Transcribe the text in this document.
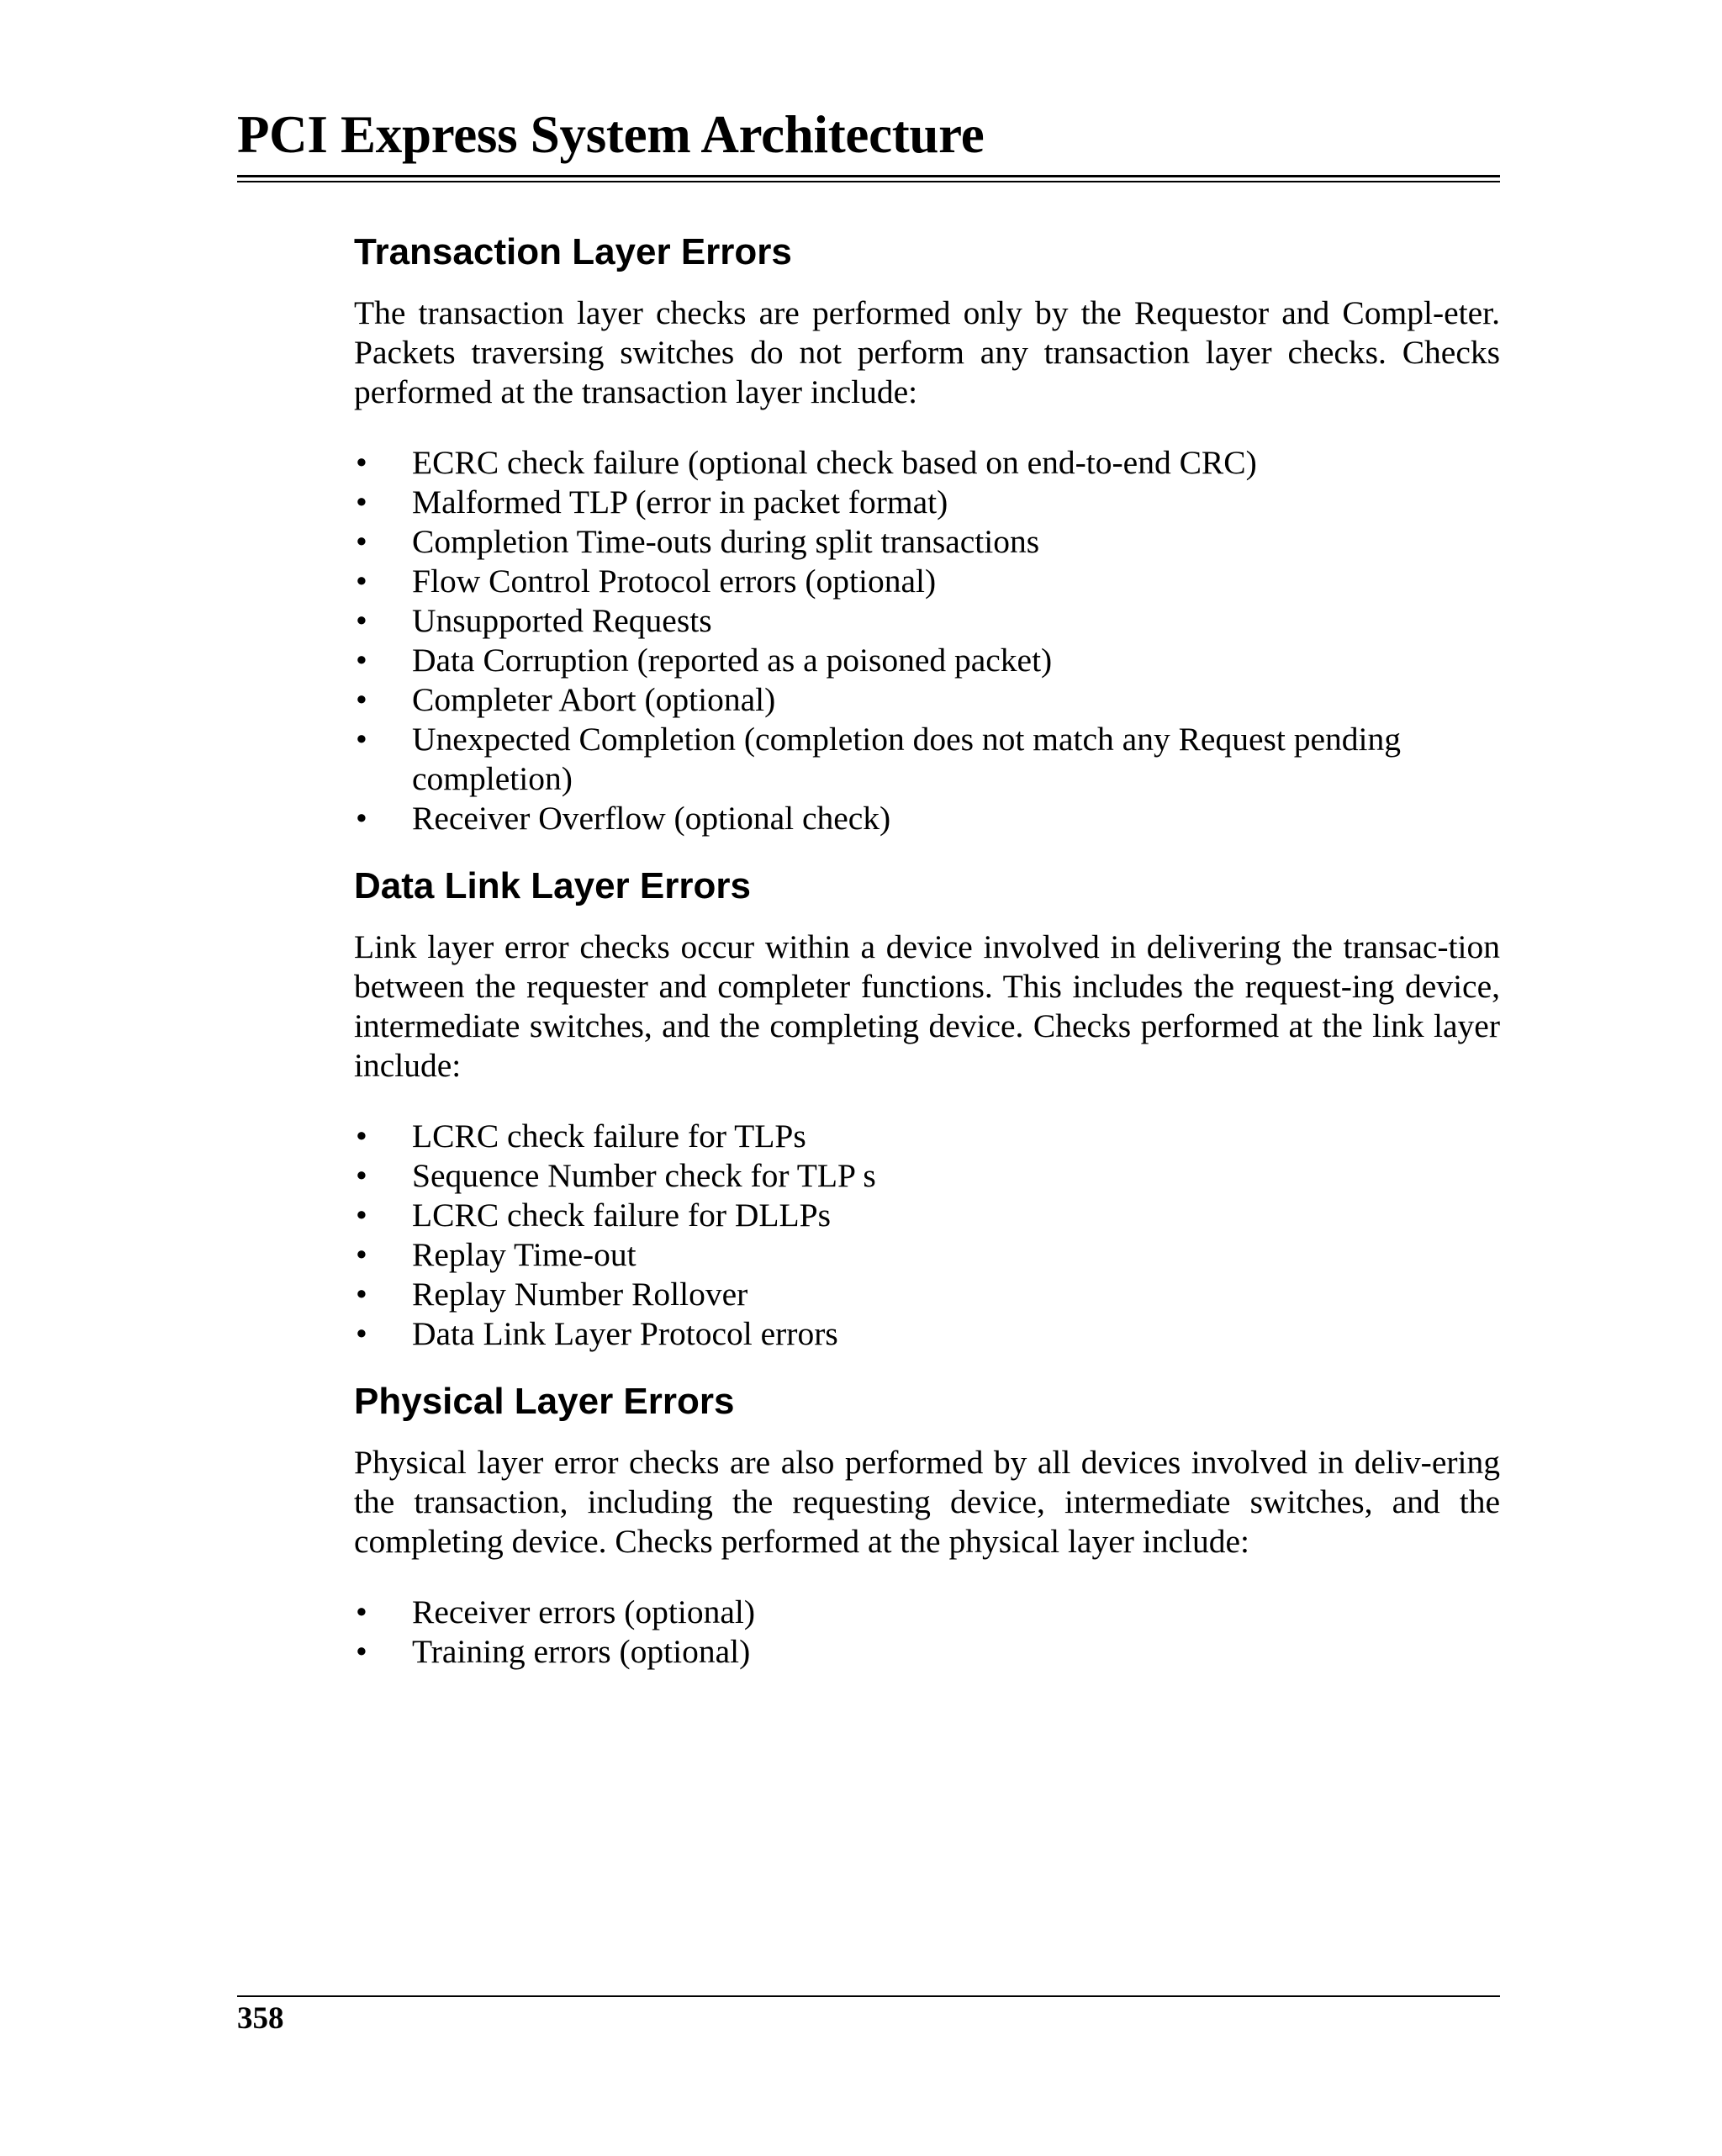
PCI Express System Architecture
Transaction Layer Errors

The transaction layer checks are performed only by the Requestor and Compl-eter. Packets traversing switches do not perform any transaction layer checks. Checks performed at the transaction layer include:

• ECRC check failure (optional check based on end-to-end CRC)
• Malformed TLP (error in packet format)
• Completion Time-outs during split transactions
• Flow Control Protocol errors (optional)
• Unsupported Requests
• Data Corruption (reported as a poisoned packet)
• Completer Abort (optional)
• Unexpected Completion (completion does not match any Request pending completion)
• Receiver Overflow (optional check)
Data Link Layer Errors

Link layer error checks occur within a device involved in delivering the transac-tion between the requester and completer functions. This includes the request-ing device, intermediate switches, and the completing device. Checks performed at the link layer include:

• LCRC check failure for TLPs
• Sequence Number check for TLP s
• LCRC check failure for DLLPs
• Replay Time-out
• Replay Number Rollover
• Data Link Layer Protocol errors
Physical Layer Errors

Physical layer error checks are also performed by all devices involved in deliv-ering the transaction, including the requesting device, intermediate switches, and the completing device. Checks performed at the physical layer include:

• Receiver errors (optional)
• Training errors (optional)
358
